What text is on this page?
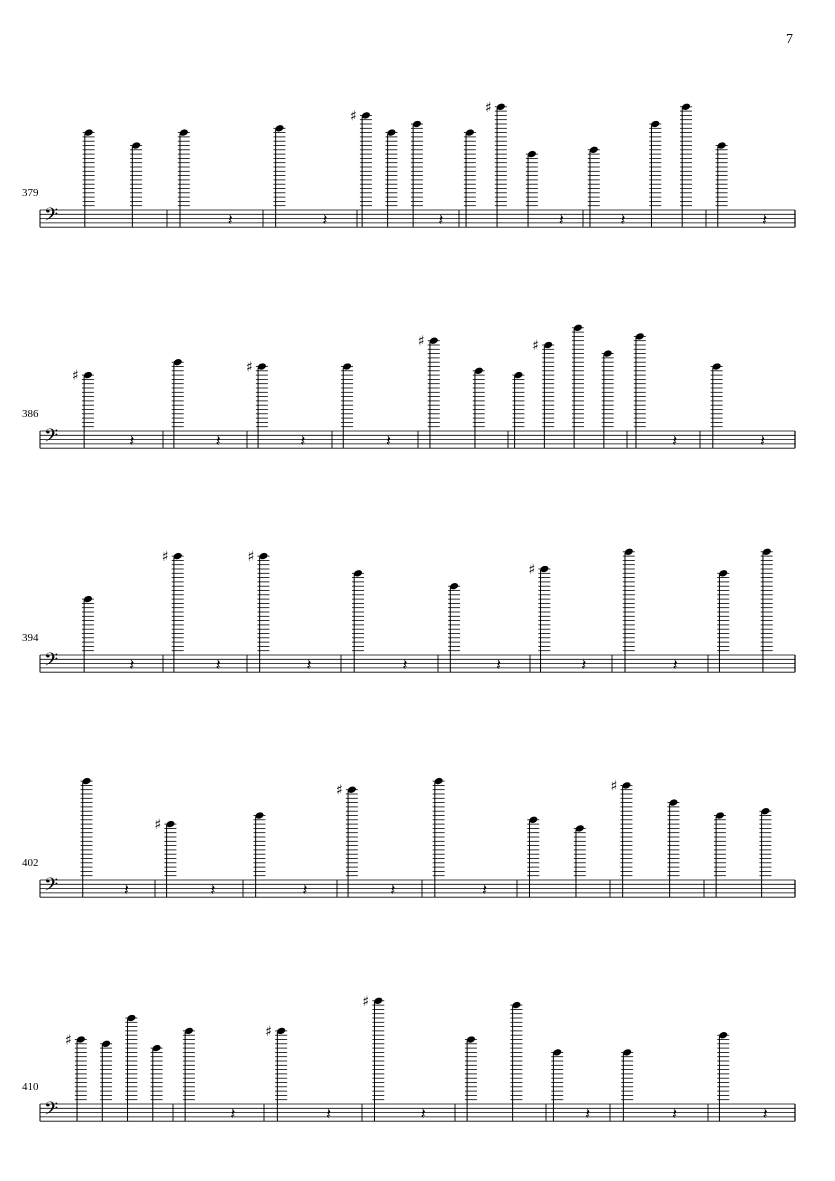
7
379
𝄢	𝄽	𝄽
♯
𝄽
♯
𝄽	𝄽	𝄽
386
𝄢
♯
𝄽	𝄽
♯
𝄽	𝄽
♯	♯
𝄽	𝄽
394
𝄢	𝄽
♯
𝄽
♯
𝄽	𝄽	𝄽
♯
𝄽	𝄽
402
𝄢	𝄽
♯
𝄽	𝄽
♯
𝄽	𝄽
♯
410
𝄢
♯
𝄽
♯
𝄽
♯
𝄽	𝄽	𝄽	𝄽
